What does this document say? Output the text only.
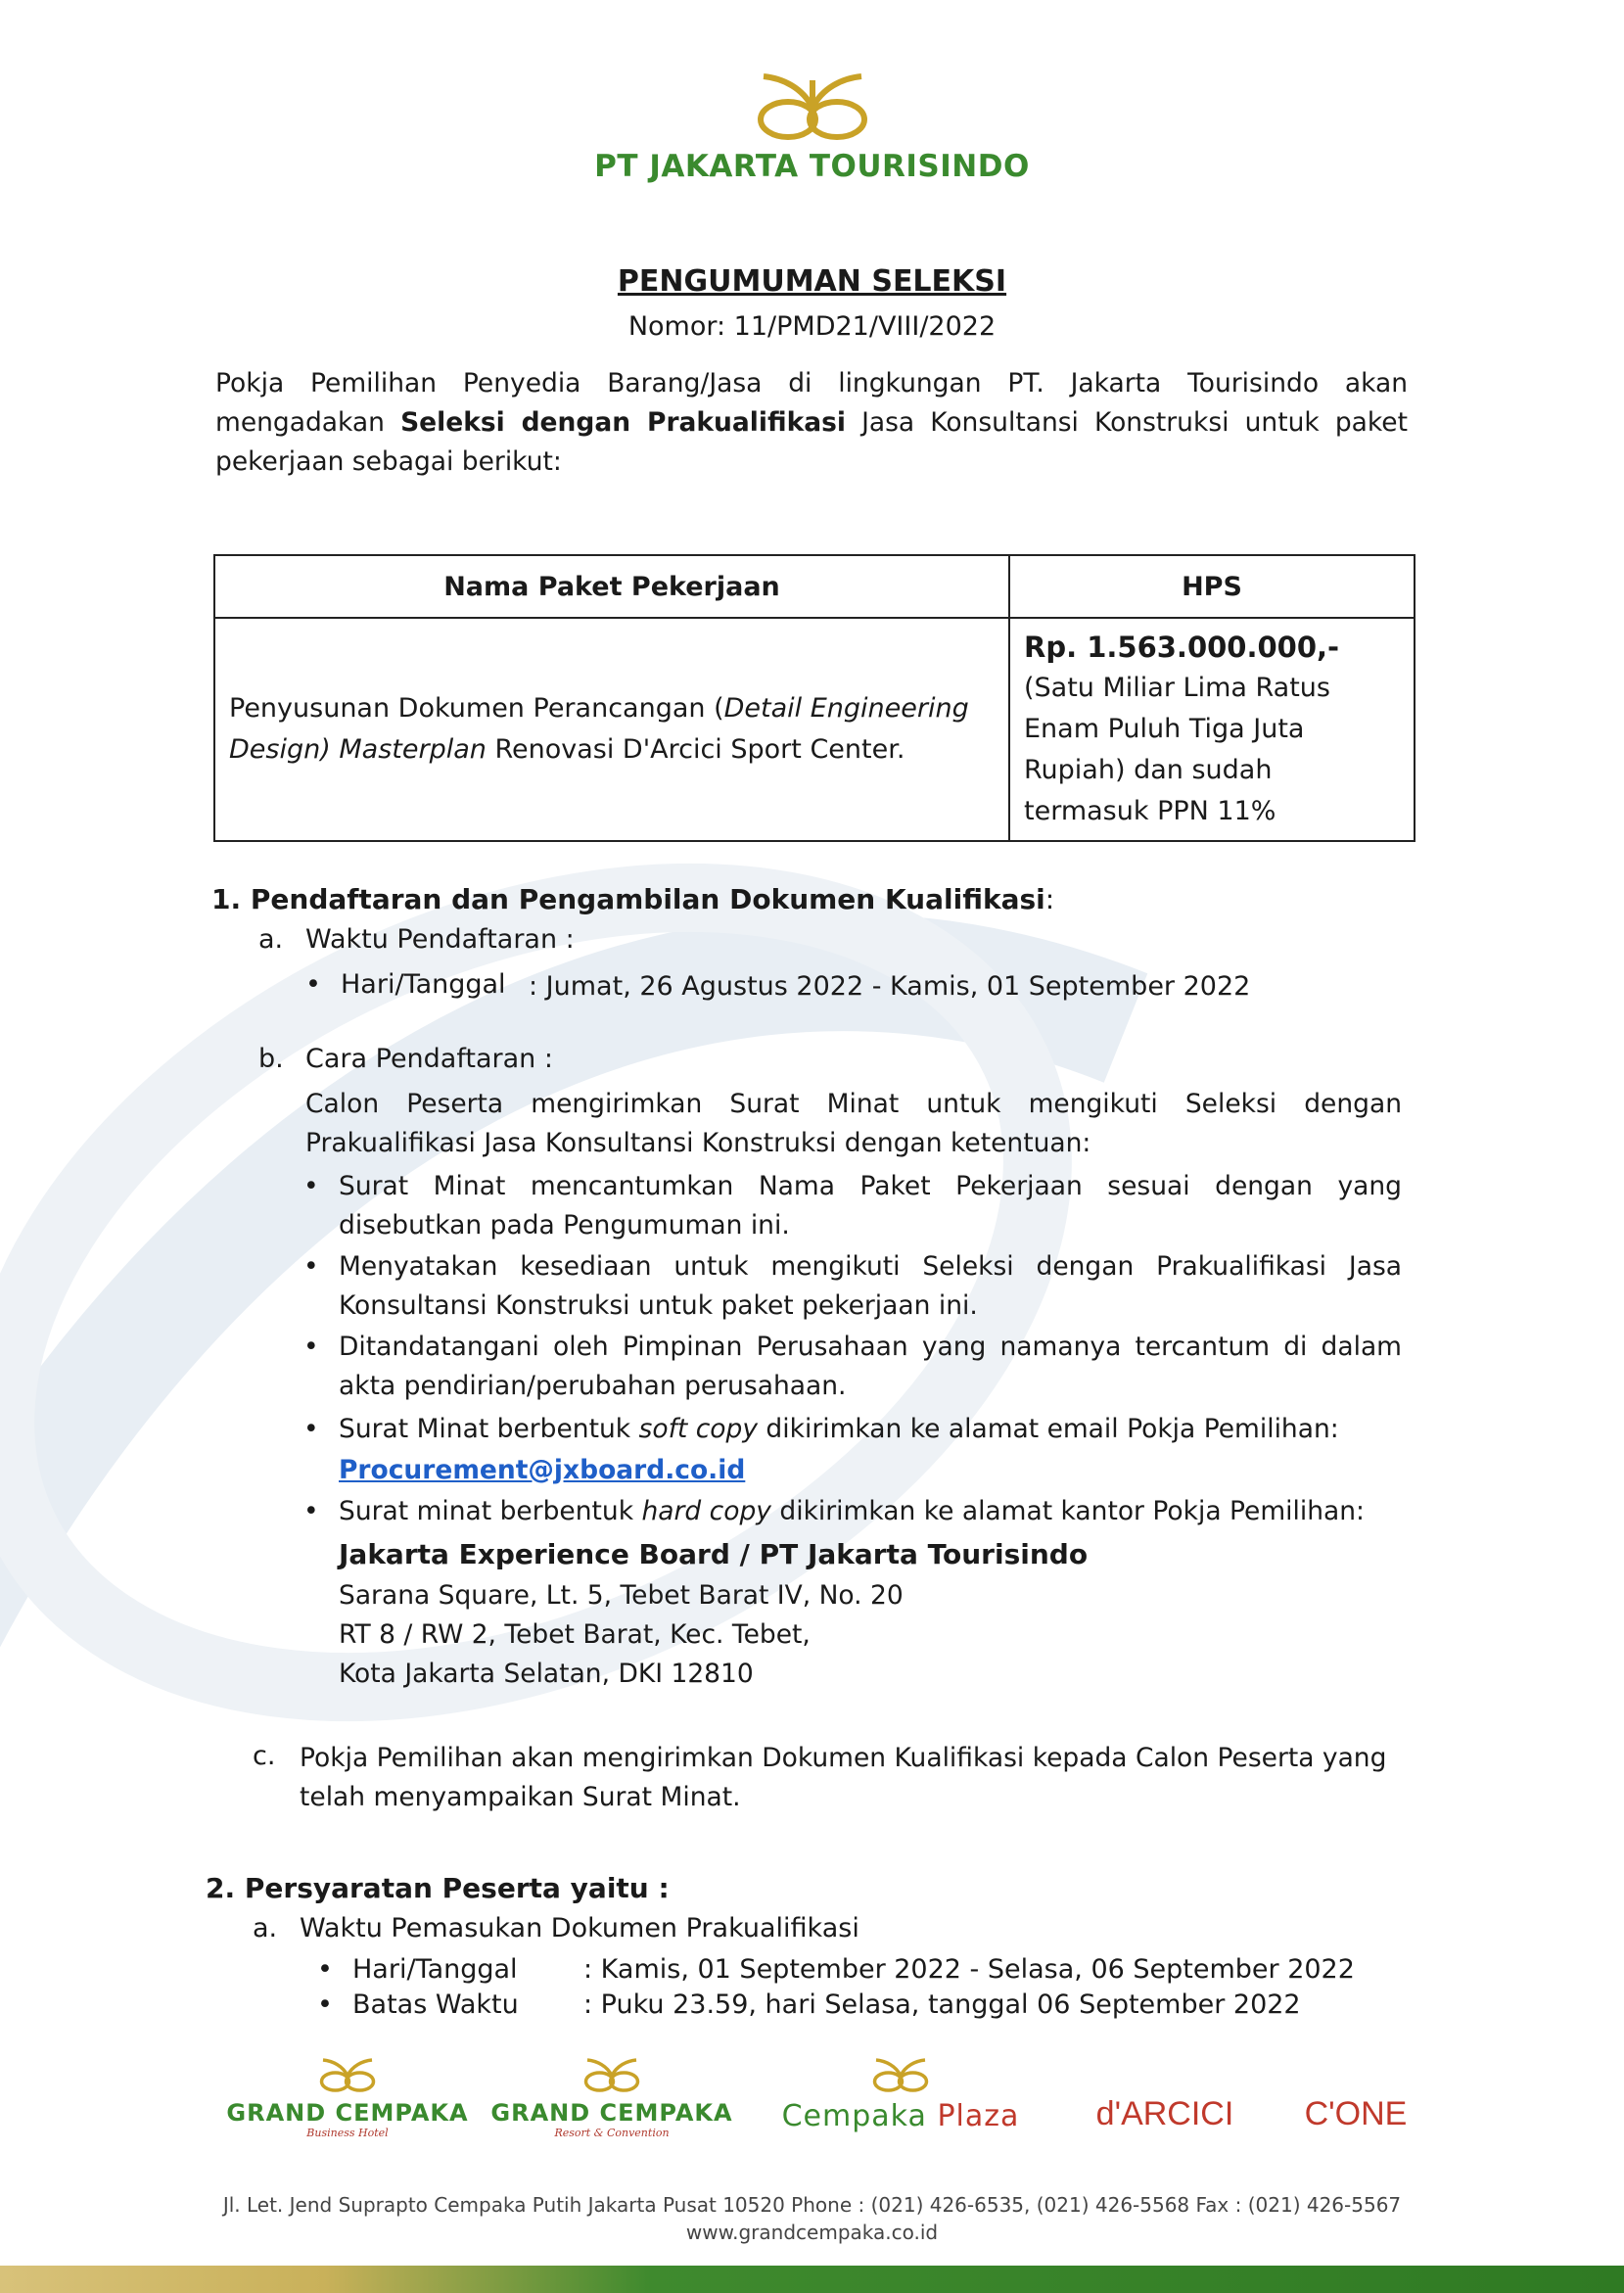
PT JAKARTA TOURISINDO
PENGUMUMAN SELEKSI
Nomor: 11/PMD21/VIII/2022
Pokja Pemilihan Penyedia Barang/Jasa di lingkungan PT. Jakarta Tourisindo akan mengadakan Seleksi dengan Prakualifikasi Jasa Konsultansi Konstruksi untuk paket pekerjaan sebagai berikut:
Nama Paket Pekerjaan	HPS
Penyusunan Dokumen Perancangan (Detail Engineering Design) Masterplan Renovasi D'Arcici Sport Center.	Rp. 1.563.000.000,-
(Satu Miliar Lima Ratus Enam Puluh Tiga Juta Rupiah) dan sudah termasuk PPN 11%
1. Pendaftaran dan Pengambilan Dokumen Kualifikasi:
a. Waktu Pendaftaran :
• Hari/Tanggal : Jumat, 26 Agustus 2022 - Kamis, 01 September 2022
b. Cara Pendaftaran :
Calon Peserta mengirimkan Surat Minat untuk mengikuti Seleksi dengan Prakualifikasi Jasa Konsultansi Konstruksi dengan ketentuan:
• Surat Minat mencantumkan Nama Paket Pekerjaan sesuai dengan yang disebutkan pada Pengumuman ini.
• Menyatakan kesediaan untuk mengikuti Seleksi dengan Prakualifikasi Jasa Konsultansi Konstruksi untuk paket pekerjaan ini.
• Ditandatangani oleh Pimpinan Perusahaan yang namanya tercantum di dalam akta pendirian/perubahan perusahaan.
• Surat Minat berbentuk soft copy dikirimkan ke alamat email Pokja Pemilihan:
Procurement@jxboard.co.id
• Surat minat berbentuk hard copy dikirimkan ke alamat kantor Pokja Pemilihan:
Jakarta Experience Board / PT Jakarta Tourisindo
Sarana Square, Lt. 5, Tebet Barat IV, No. 20
RT 8 / RW 2, Tebet Barat, Kec. Tebet,
Kota Jakarta Selatan, DKI 12810
c. Pokja Pemilihan akan mengirimkan Dokumen Kualifikasi kepada Calon Peserta yang telah menyampaikan Surat Minat.
2. Persyaratan Peserta yaitu :
a. Waktu Pemasukan Dokumen Prakualifikasi
• Hari/Tanggal : Kamis, 01 September 2022 - Selasa, 06 September 2022
• Batas Waktu : Puku 23.59, hari Selasa, tanggal 06 September 2022
GRAND CEMPAKA
Business Hotel
GRAND CEMPAKA
Resort & Convention	Cempaka Plaza	d'ARCICI	C'ONE
Jl. Let. Jend Suprapto Cempaka Putih Jakarta Pusat 10520 Phone : (021) 426-6535, (021) 426-5568 Fax : (021) 426-5567
www.grandcempaka.co.id
